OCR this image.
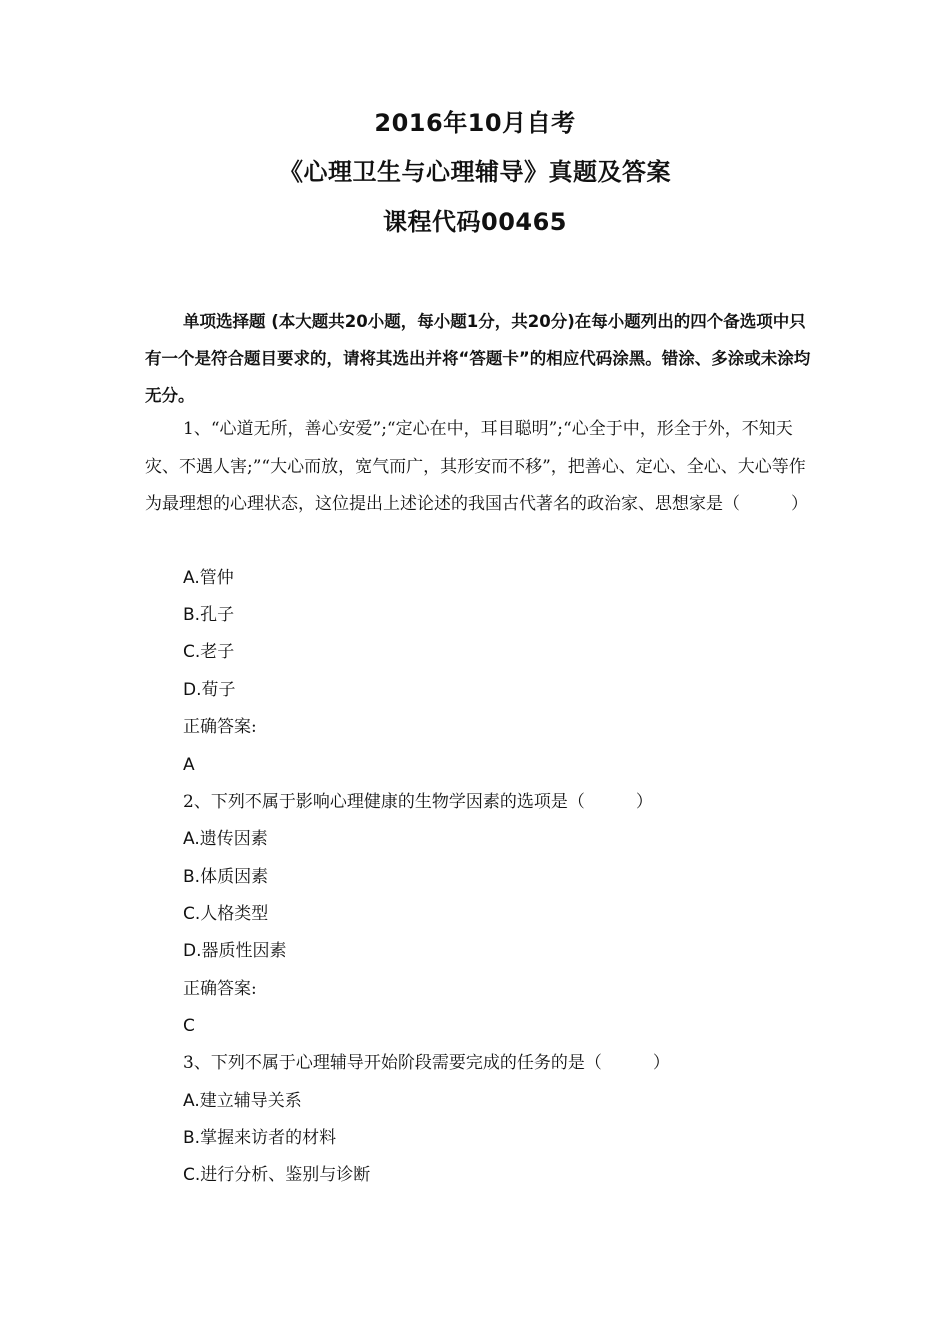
2016年10月自考
《心理卫生与心理辅导》真题及答案
课程代码00465
单项选择题 (本大题共20小题，每小题1分，共20分)在每小题列出的四个备选项中只有一个是符合题目要求的，请将其选出并将“答题卡”的相应代码涂黑。错涂、多涂或未涂均无分。
1、“心道无所，善心安爱”;“定心在中，耳目聪明”;“心全于中，形全于外，不知天灾、不遇人害;”“大心而放，宽气而广，其形安而不移”，把善心、定心、全心、大心等作为最理想的心理状态，这位提出上述论述的我国古代著名的政治家、思想家是（　　　）
A.管仲
B.孔子
C.老子
D.荀子
正确答案:
A
2、下列不属于影响心理健康的生物学因素的选项是（　　　）
A.遗传因素
B.体质因素
C.人格类型
D.器质性因素
正确答案:
C
3、下列不属于心理辅导开始阶段需要完成的任务的是（　　　）
A.建立辅导关系
B.掌握来访者的材料
C.进行分析、鉴别与诊断
